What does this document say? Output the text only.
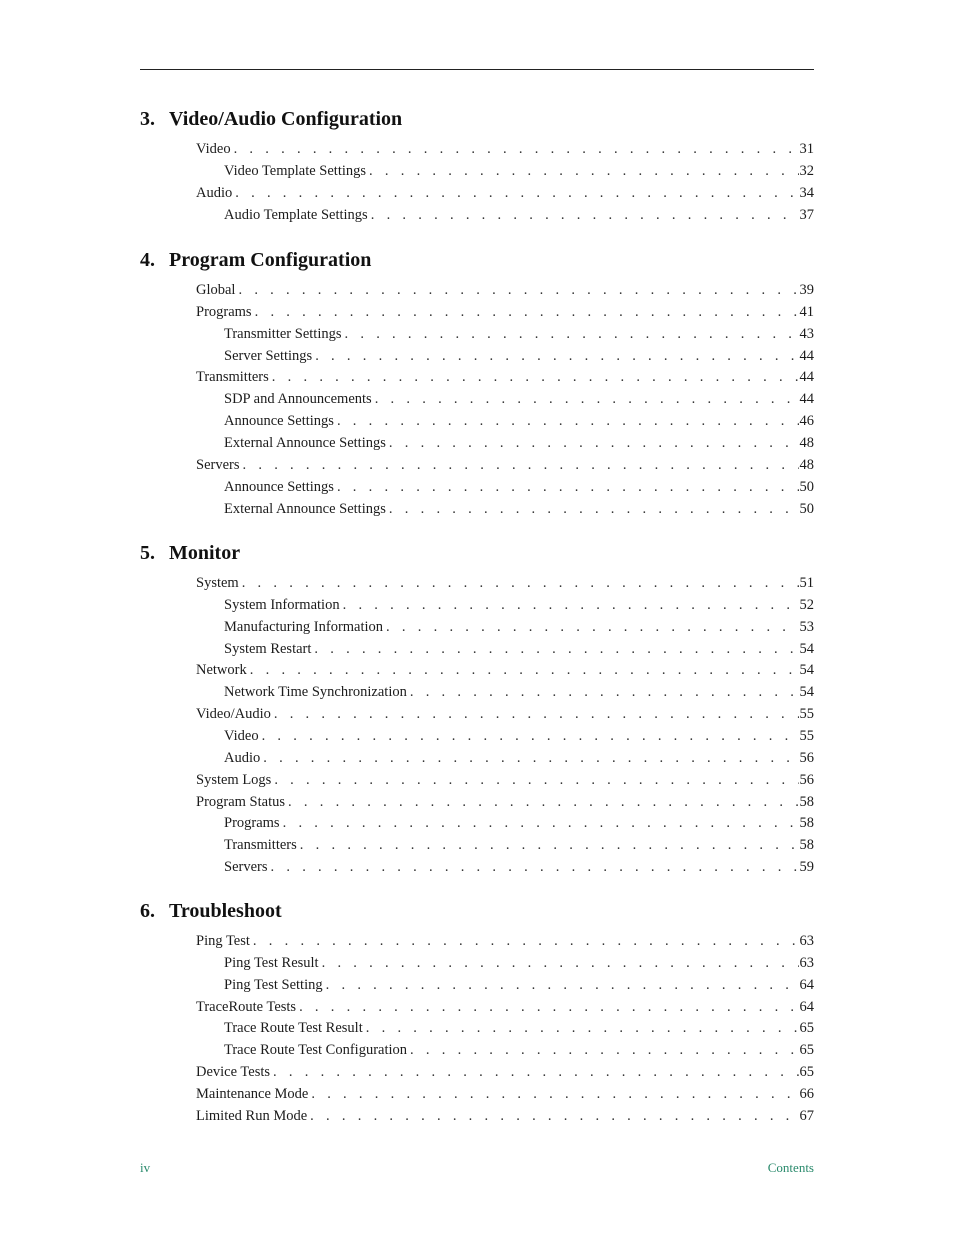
3. Video/Audio Configuration
Video . . .	31
Video Template Settings . . .	32
Audio . . .	34
Audio Template Settings . . .	37
4. Program Configuration
Global . . .	39
Programs . . .	41
Transmitter Settings . . .	43
Server Settings . . .	44
Transmitters . . .	44
SDP and Announcements . . .	44
Announce Settings . . .	46
External Announce Settings . . .	48
Servers . . .	48
Announce Settings . . .	50
External Announce Settings . . .	50
5. Monitor
System . . .	51
System Information . . .	52
Manufacturing Information . . .	53
System Restart . . .	54
Network . . .	54
Network Time Synchronization . . .	54
Video/Audio . . .	55
Video . . .	55
Audio . . .	56
System Logs . . .	56
Program Status . . .	58
Programs . . .	58
Transmitters . . .	58
Servers . . .	59
6. Troubleshoot
Ping Test . . .	63
Ping Test Result . . .	63
Ping Test Setting . . .	64
TraceRoute Tests . . .	64
Trace Route Test Result . . .	65
Trace Route Test Configuration . . .	65
Device Tests . . .	65
Maintenance Mode . . .	66
Limited Run Mode . . .	67
iv	Contents
